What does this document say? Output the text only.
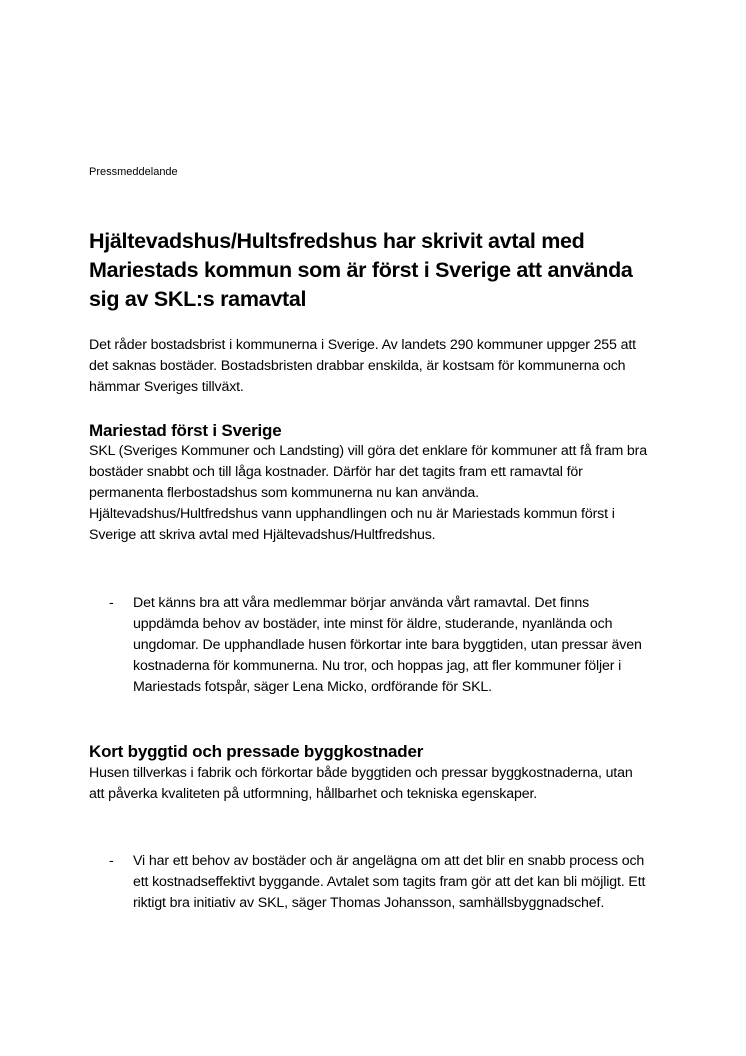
Pressmeddelande

Hjältevadshus/Hultsfredshus har skrivit avtal med Mariestads kommun som är först i Sverige att använda sig av SKL:s ramavtal

Det råder bostadsbrist i kommunerna i Sverige. Av landets 290 kommuner uppger 255 att det saknas bostäder. Bostadsbristen drabbar enskilda, är kostsam för kommunerna och hämmar Sveriges tillväxt.

Mariestad först i Sverige

SKL (Sveriges Kommuner och Landsting) vill göra det enklare för kommuner att få fram bra bostäder snabbt och till låga kostnader. Därför har det tagits fram ett ramavtal för permanenta flerbostadshus som kommunerna nu kan använda. Hjältevadshus/Hultfredshus vann upphandlingen och nu är Mariestads kommun först i Sverige att skriva avtal med Hjältevadshus/Hultfredshus.

-	Det känns bra att våra medlemmar börjar använda vårt ramavtal. Det finns uppdämda behov av bostäder, inte minst för äldre, studerande, nyanlända och ungdomar. De upphandlade husen förkortar inte bara byggtiden, utan pressar även kostnaderna för kommunerna. Nu tror, och hoppas jag, att fler kommuner följer i Mariestads fotspår, säger Lena Micko, ordförande för SKL.
Kort byggtid och pressade byggkostnader

Husen tillverkas i fabrik och förkortar både byggtiden och pressar byggkostnaderna, utan att påverka kvaliteten på utformning, hållbarhet och tekniska egenskaper.

-	Vi har ett behov av bostäder och är angelägna om att det blir en snabb process och ett kostnadseffektivt byggande. Avtalet som tagits fram gör att det kan bli möjligt. Ett riktigt bra initiativ av SKL, säger Thomas Johansson, samhällsbyggnadschef.
